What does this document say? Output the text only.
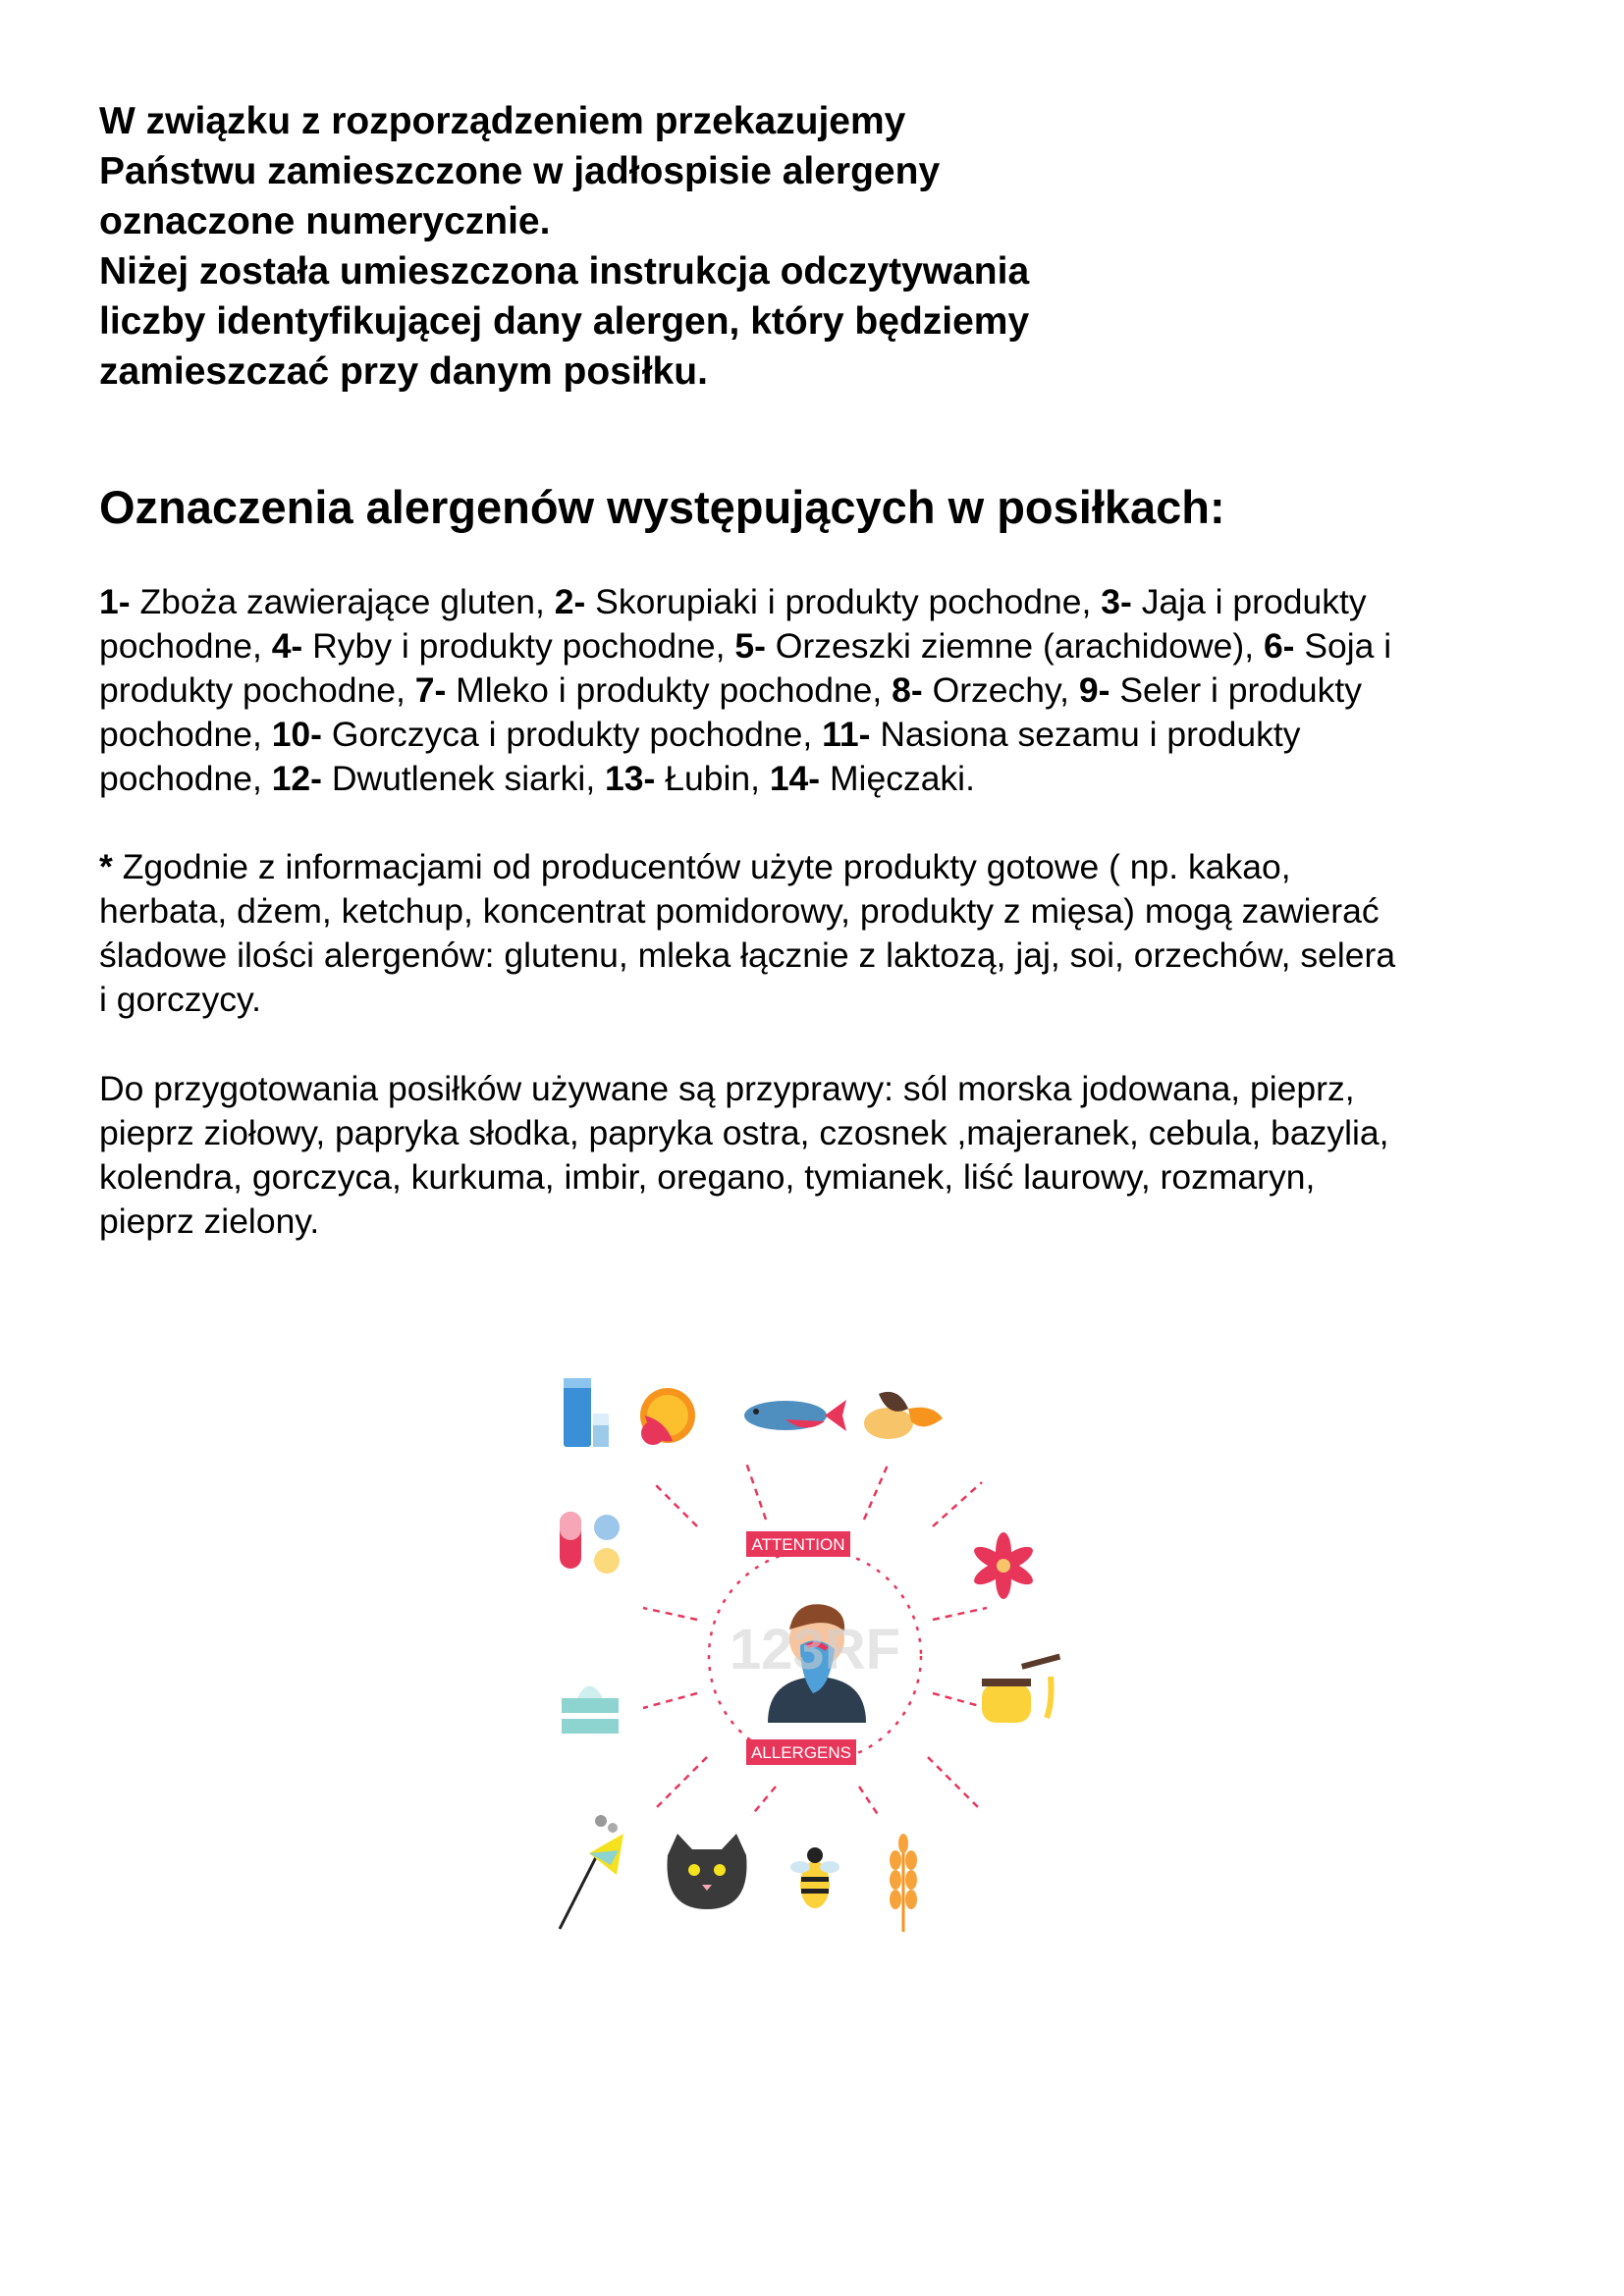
W związku z rozporządzeniem przekazujemy
Państwu zamieszczone w jadłospisie alergeny
oznaczone numerycznie.
Niżej została umieszczona instrukcja odczytywania
liczby identyfikującej dany alergen, który będziemy
zamieszczać przy danym posiłku.
Oznaczenia alergenów występujących w posiłkach:
1- Zboża zawierające gluten, 2- Skorupiaki i produkty pochodne, 3- Jaja i produkty
pochodne, 4- Ryby i produkty pochodne, 5- Orzeszki ziemne (arachidowe), 6- Soja i
produkty pochodne, 7- Mleko i produkty pochodne, 8- Orzechy, 9- Seler i produkty
pochodne, 10- Gorczyca i produkty pochodne, 11- Nasiona sezamu i produkty
pochodne, 12- Dwutlenek siarki, 13- Łubin, 14- Mięczaki.
* Zgodnie z informacjami od producentów użyte produkty gotowe ( np. kakao,
herbata, dżem, ketchup, koncentrat pomidorowy, produkty z mięsa) mogą zawierać
śladowe ilości alergenów: glutenu, mleka łącznie z laktozą, jaj, soi, orzechów, selera
i gorczycy.
Do przygotowania posiłków używane są przyprawy: sól morska jodowana, pieprz,
pieprz ziołowy, papryka słodka, papryka ostra, czosnek ,majeranek, cebula, bazylia,
kolendra, gorczyca, kurkuma, imbir, oregano, tymianek, liść laurowy, rozmaryn,
pieprz zielony.
123RF
ATTENTION
ALLERGENS
